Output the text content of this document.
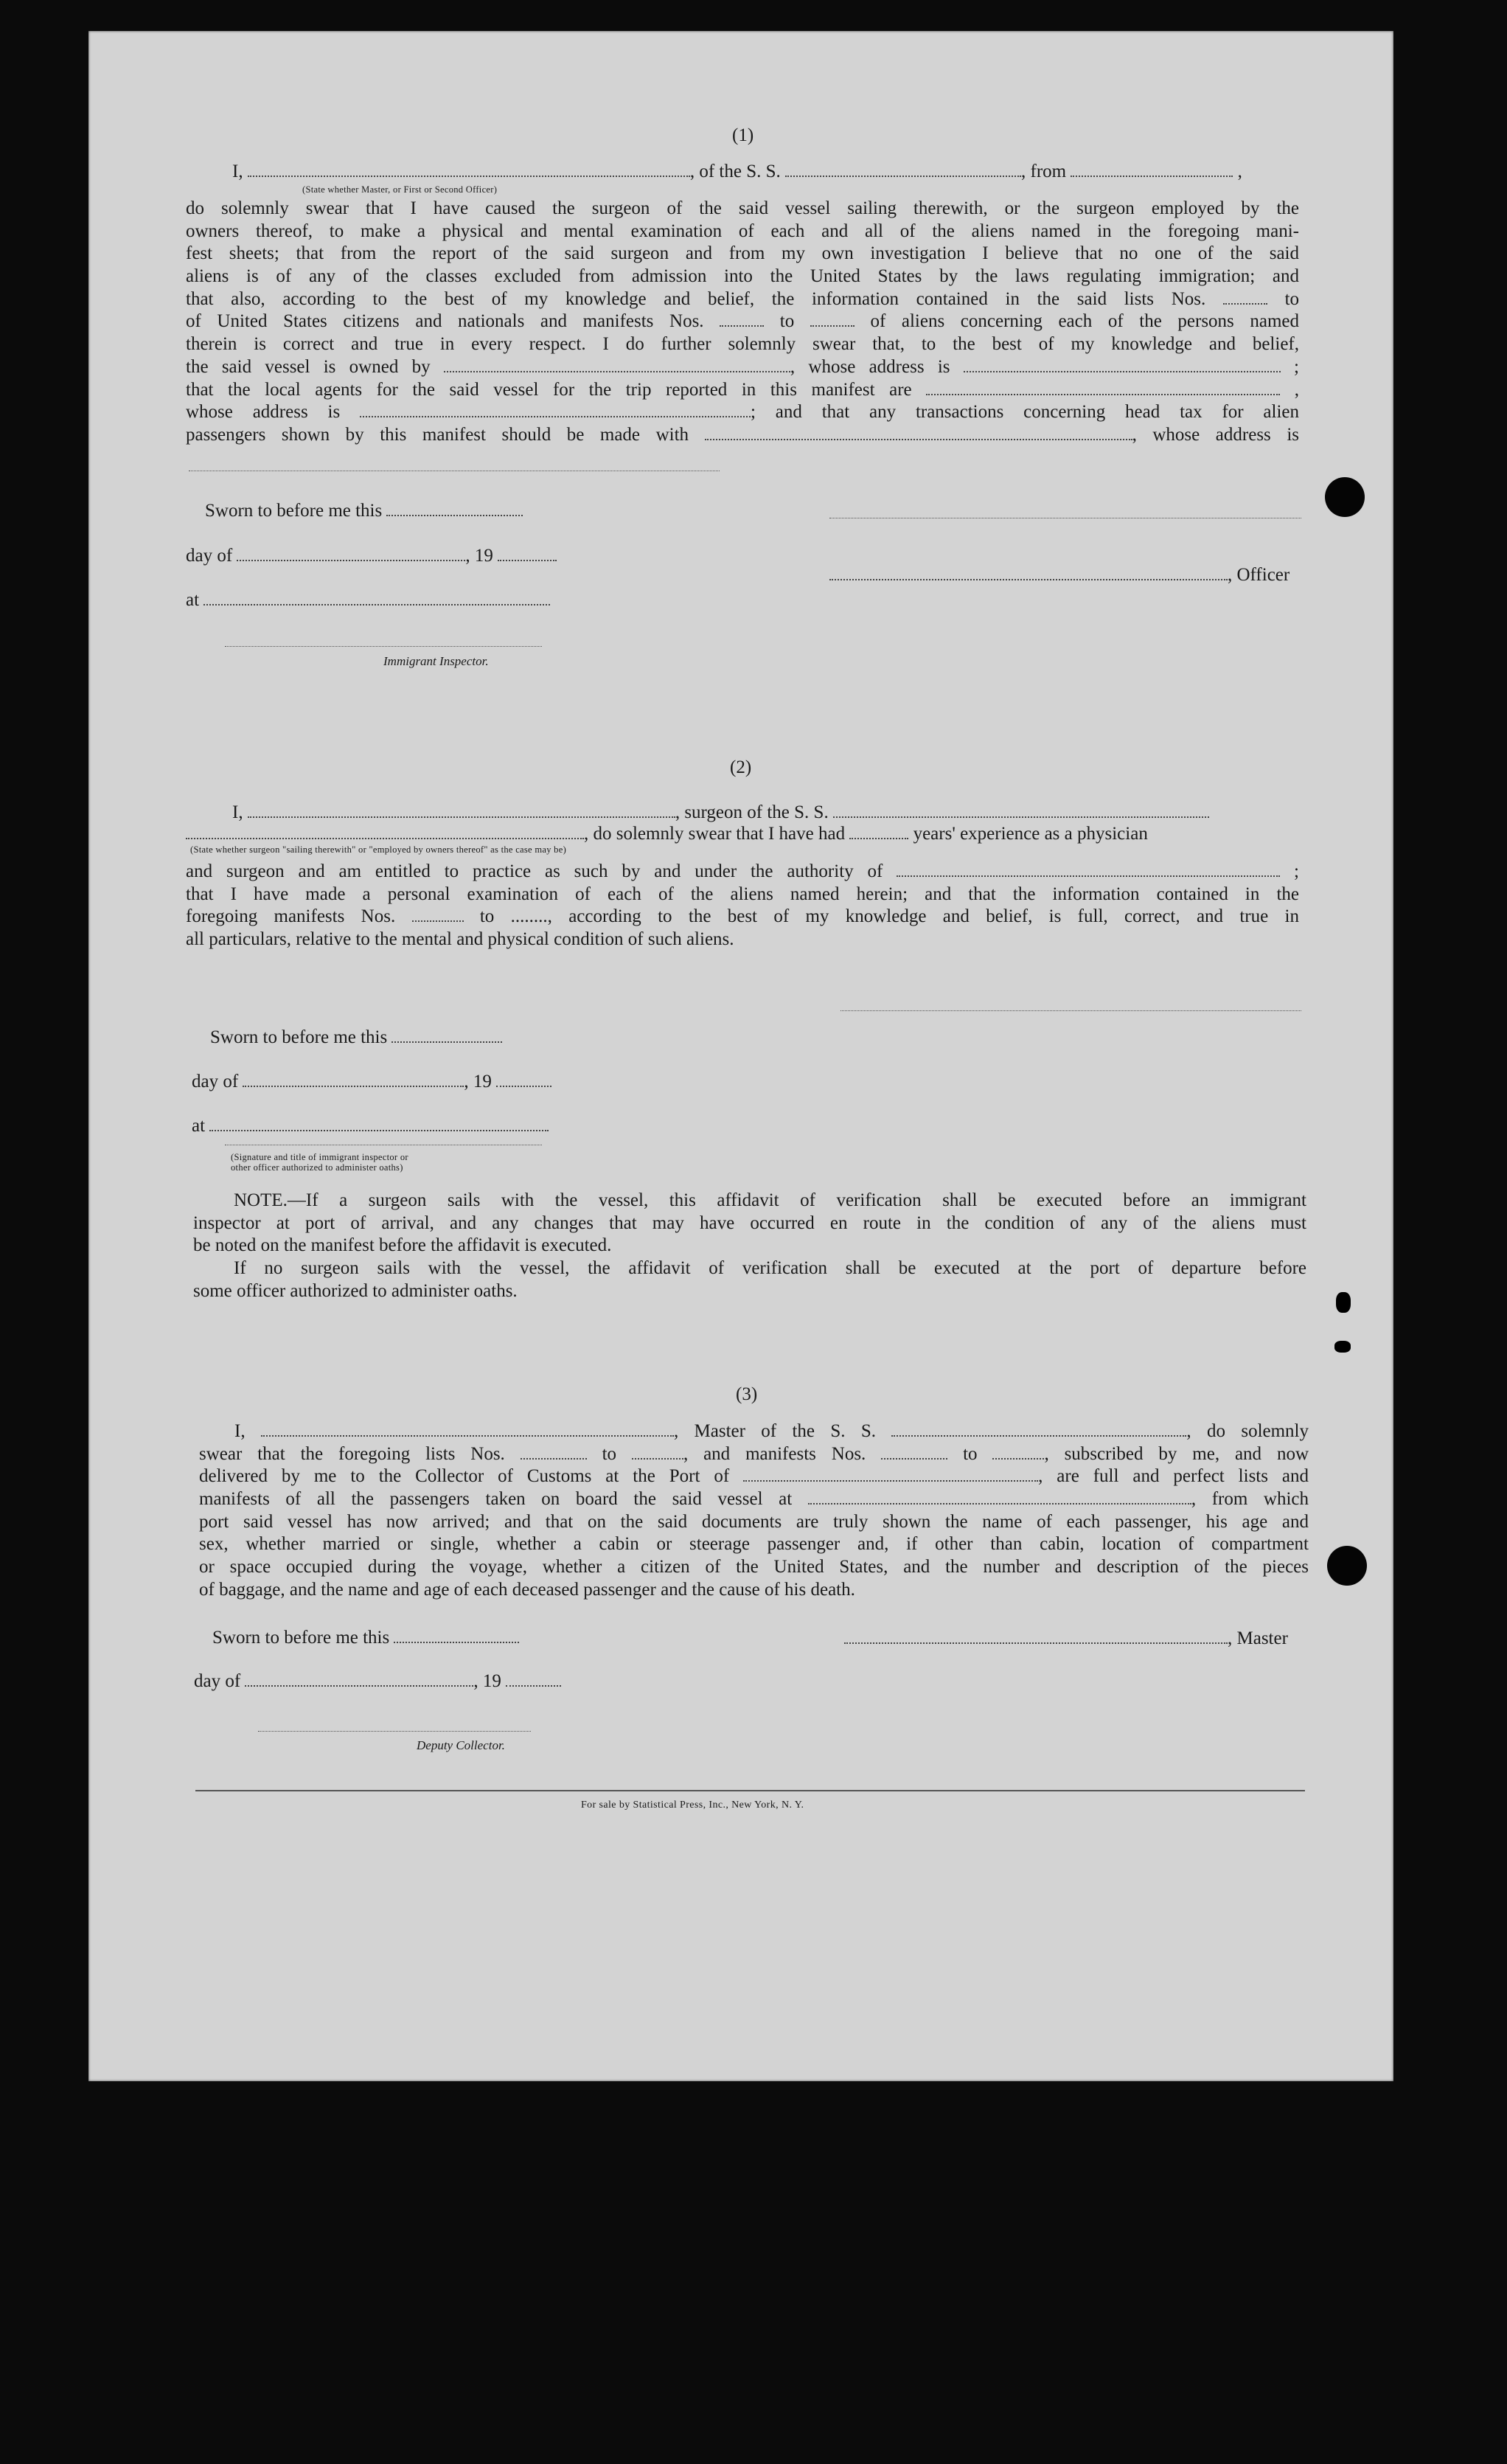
(1)
I,	, of the S. S.	, from	,
(State whether Master, or First or Second Officer)
do solemnly swear that I have caused the surgeon of the said vessel sailing therewith, or the surgeon employed by the
owners thereof, to make a physical and mental examination of each and all of the aliens named in the foregoing mani-
fest sheets; that from the report of the said surgeon and from my own investigation I believe that no one of the said
aliens is of any of the classes excluded from admission into the United States by the laws regulating immigration; and
that also, according to the best of my knowledge and belief, the information contained in the said lists Nos.	to
of United States citizens and nationals and manifests Nos.	to	of aliens concerning each of the persons named
therein is correct and true in every respect. I do further solemnly swear that, to the best of my knowledge and belief,
the said vessel is owned by	, whose address is	;
that the local agents for the said vessel for the trip reported in this manifest are	,
whose address is	; and that any transactions concerning head tax for alien
passengers shown by this manifest should be made with	, whose address is
Sworn to before me this
day of	, 19
at
Immigrant Inspector.
, Officer
(2)
I,	, surgeon of the S. S.
, do solemnly swear that I have had	years' experience as a physician
(State whether surgeon "sailing therewith" or "employed by owners thereof" as the case may be)
and surgeon and am entitled to practice as such by and under the authority of	;
that I have made a personal examination of each of the aliens named herein; and that the information contained in the
foregoing manifests Nos.	to ........, according to the best of my knowledge and belief, is full, correct, and true in
all particulars, relative to the mental and physical condition of such aliens.
Sworn to before me this
day of	, 19
at
(Signature and title of immigrant inspector or
other officer authorized to administer oaths)
NOTE.—If a surgeon sails with the vessel, this affidavit of verification shall be executed before an immigrant
inspector at port of arrival, and any changes that may have occurred en route in the condition of any of the aliens must
be noted on the manifest before the affidavit is executed.
If no surgeon sails with the vessel, the affidavit of verification shall be executed at the port of departure before
some officer authorized to administer oaths.
(3)
I,	, Master of the S. S.	, do solemnly
swear that the foregoing lists Nos.	to	, and manifests Nos.	to	, subscribed by me, and now
delivered by me to the Collector of Customs at the Port of	, are full and perfect lists and
manifests of all the passengers taken on board the said vessel at	, from which
port said vessel has now arrived; and that on the said documents are truly shown the name of each passenger, his age and
sex, whether married or single, whether a cabin or steerage passenger and, if other than cabin, location of compartment
or space occupied during the voyage, whether a citizen of the United States, and the number and description of the pieces
of baggage, and the name and age of each deceased passenger and the cause of his death.
Sworn to before me this
day of	, 19
Deputy Collector.
, Master
For sale by Statistical Press, Inc., New York, N. Y.
